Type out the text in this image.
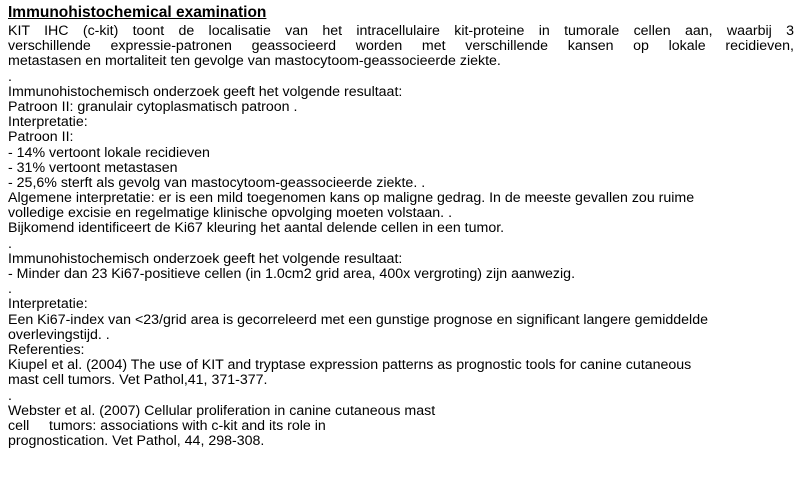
Immunohistochemical examination
KIT IHC (c-kit) toont de localisatie van het intracellulaire kit-proteine in tumorale cellen aan, waarbij 3
verschillende expressie-patronen geassocieerd worden met verschillende kansen op lokale recidieven,
metastasen en mortaliteit ten gevolge van mastocytoom-geassocieerde ziekte.
.
Immunohistochemisch onderzoek geeft het volgende resultaat:
Patroon II: granulair cytoplasmatisch patroon .
Interpretatie:
Patroon II:
- 14% vertoont lokale recidieven
- 31% vertoont metastasen
- 25,6% sterft als gevolg van mastocytoom-geassocieerde ziekte. .
Algemene interpretatie: er is een mild toegenomen kans op maligne gedrag. In de meeste gevallen zou ruime
volledige excisie en regelmatige klinische opvolging moeten volstaan. .
Bijkomend identificeert de Ki67 kleuring het aantal delende cellen in een tumor.
.
Immunohistochemisch onderzoek geeft het volgende resultaat:
- Minder dan 23 Ki67-positieve cellen (in 1.0cm2 grid area, 400x vergroting) zijn aanwezig.
.
Interpretatie:
Een Ki67-index van <23/grid area is gecorreleerd met een gunstige prognose en significant langere gemiddelde
overlevingstijd. .
Referenties:
Kiupel et al. (2004) The use of KIT and tryptase expression patterns as prognostic tools for canine cutaneous
mast cell tumors. Vet Pathol,41, 371-377.
.
Webster et al. (2007) Cellular proliferation in canine cutaneous mast
cell     tumors: associations with c-kit and its role in
prognostication. Vet Pathol, 44, 298-308.
